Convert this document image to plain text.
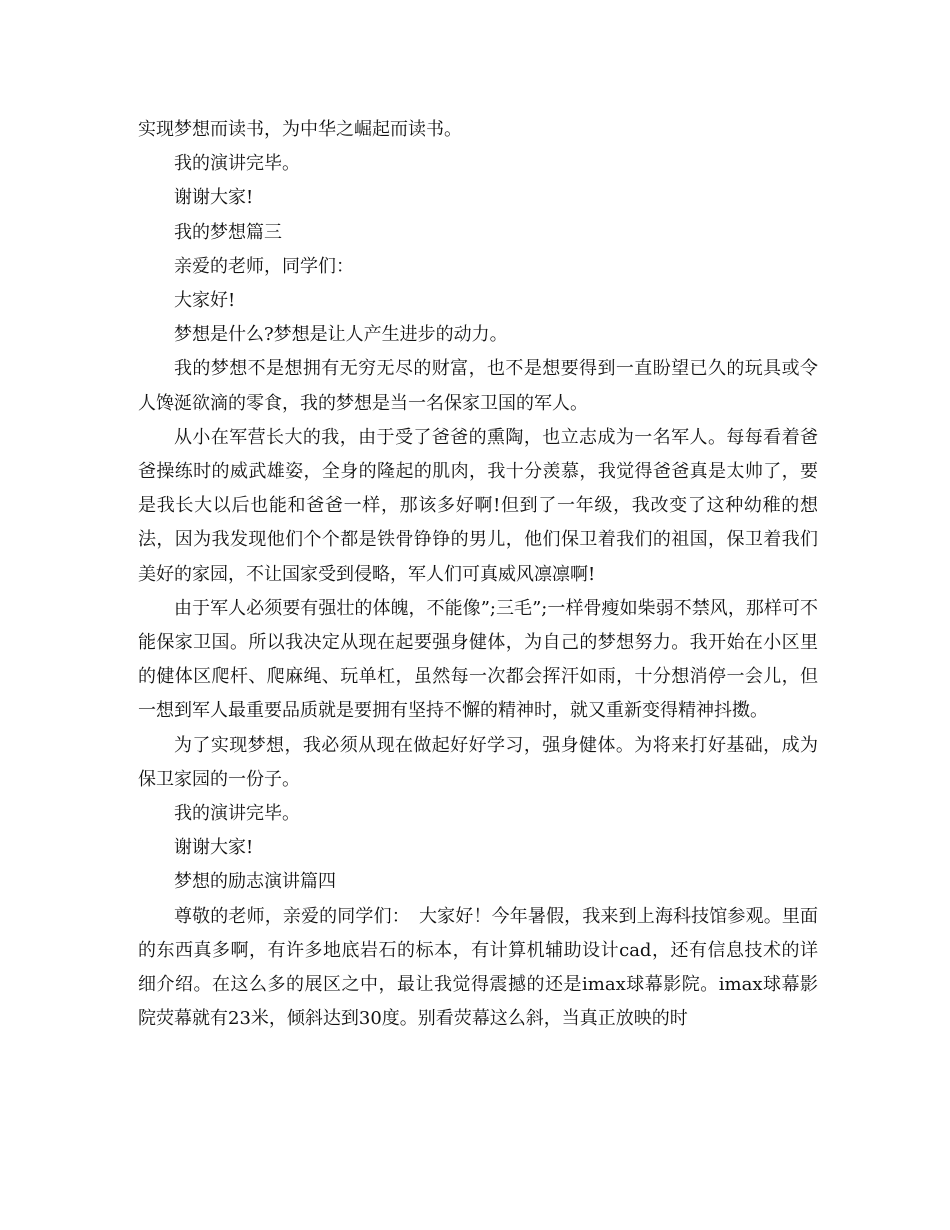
实现梦想而读书，为中华之崛起而读书。

我的演讲完毕。

谢谢大家!

我的梦想篇三

亲爱的老师，同学们：

大家好!

梦想是什么?梦想是让人产生进步的动力。

我的梦想不是想拥有无穷无尽的财富，也不是想要得到一直盼望已久的玩具或令人馋涎欲滴的零食，我的梦想是当一名保家卫国的军人。

从小在军营长大的我，由于受了爸爸的熏陶，也立志成为一名军人。每每看着爸爸操练时的威武雄姿，全身的隆起的肌肉，我十分羡慕，我觉得爸爸真是太帅了，要是我长大以后也能和爸爸一样，那该多好啊!但到了一年级，我改变了这种幼稚的想法，因为我发现他们个个都是铁骨铮铮的男儿，他们保卫着我们的祖国，保卫着我们美好的家园，不让国家受到侵略，军人们可真威风凛凛啊!

由于军人必须要有强壮的体魄，不能像”;三毛”;一样骨瘦如柴弱不禁风，那样可不能保家卫国。所以我决定从现在起要强身健体，为自己的梦想努力。我开始在小区里的健体区爬杆、爬麻绳、玩单杠，虽然每一次都会挥汗如雨，十分想消停一会儿，但一想到军人最重要品质就是要拥有坚持不懈的精神时，就又重新变得精神抖擞。

为了实现梦想，我必须从现在做起好好学习，强身健体。为将来打好基础，成为保卫家园的一份子。

我的演讲完毕。

谢谢大家!

梦想的励志演讲篇四

尊敬的老师，亲爱的同学们：　大家好！今年暑假，我来到上海科技馆参观。里面的东西真多啊，有许多地底岩石的标本，有计算机辅助设计cad，还有信息技术的详细介绍。在这么多的展区之中，最让我觉得震撼的还是imax球幕影院。imax球幕影院荧幕就有23米，倾斜达到30度。别看荧幕这么斜，当真正放映的时
